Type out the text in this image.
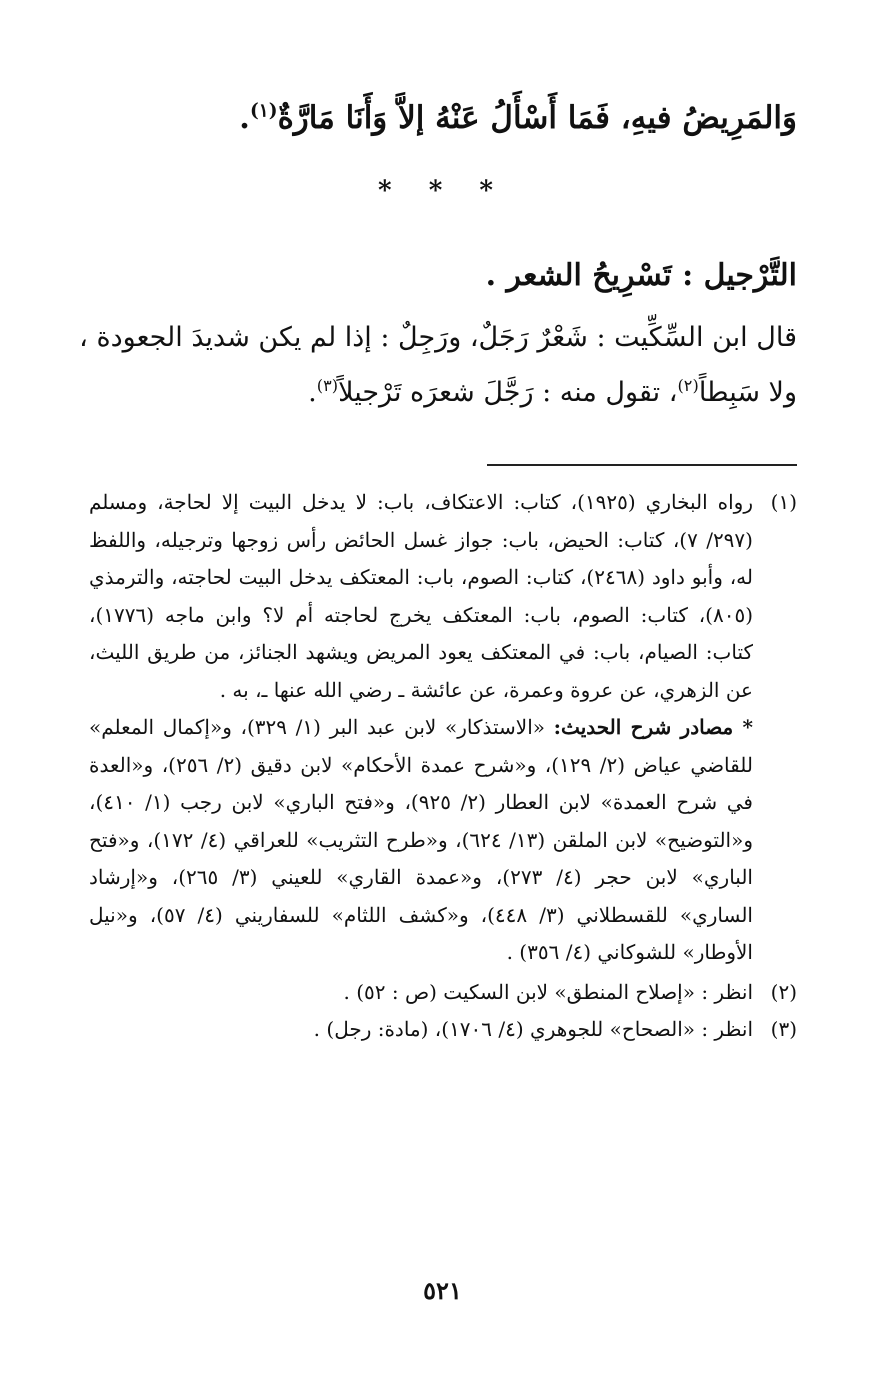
وَالمَرِيضُ فيهِ، فَمَا أَسْأَلُ عَنْهُ إلاَّ وَأَنَا مَارَّةٌ$^{(١)}$.
* * *
التَّرْجيل : تَسْرِيحُ الشعر .
قال ابن السِّكِّيت : شَعْرٌ رَجَلٌ، ورَجِلٌ : إذا لم يكن شديدَ الجعودة ،
ولا سَبِطاً$^{(٢)}$، تقول منه : رَجَّلَ شعرَه تَرْجيلاً$^{(٣)}$.
(١)
رواه البخاري (١٩٢٥)، كتاب: الاعتكاف، باب: لا يدخل البيت إلا لحاجة، ومسلم (٢٩٧/ ٧)، كتاب: الحيض، باب: جواز غسل الحائض رأس زوجها وترجيله، واللفظ له، وأبو داود (٢٤٦٨)، كتاب: الصوم، باب: المعتكف يدخل البيت لحاجته، والترمذي (٨٠٥)، كتاب: الصوم، باب: المعتكف يخرج لحاجته أم لا؟ وابن ماجه (١٧٧٦)، كتاب: الصيام، باب: في المعتكف يعود المريض ويشهد الجنائز، من طريق الليث، عن الزهري، عن عروة وعمرة، عن عائشة ـ رضي الله عنها ـ، به .
* مصادر شرح الحديث: «الاستذكار» لابن عبد البر (١/ ٣٢٩)، و«إكمال المعلم» للقاضي عياض (٢/ ١٢٩)، و«شرح عمدة الأحكام» لابن دقيق (٢/ ٢٥٦)، و«العدة في شرح العمدة» لابن العطار (٢/ ٩٢٥)، و«فتح الباري» لابن رجب (١/ ٤١٠)، و«التوضيح» لابن الملقن (١٣/ ٦٢٤)، و«طرح التثريب» للعراقي (٤/ ١٧٢)، و«فتح الباري» لابن حجر (٤/ ٢٧٣)، و«عمدة القاري» للعيني (٣/ ٢٦٥)، و«إرشاد الساري» للقسطلاني (٣/ ٤٤٨)، و«كشف اللثام» للسفاريني (٤/ ٥٧)، و«نيل الأوطار» للشوكاني (٤/ ٣٥٦) .
(٢)
انظر : «إصلاح المنطق» لابن السكيت (ص : ٥٢) .
(٣)
انظر : «الصحاح» للجوهري (٤/ ١٧٠٦)، (مادة: رجل) .
٥٢١
